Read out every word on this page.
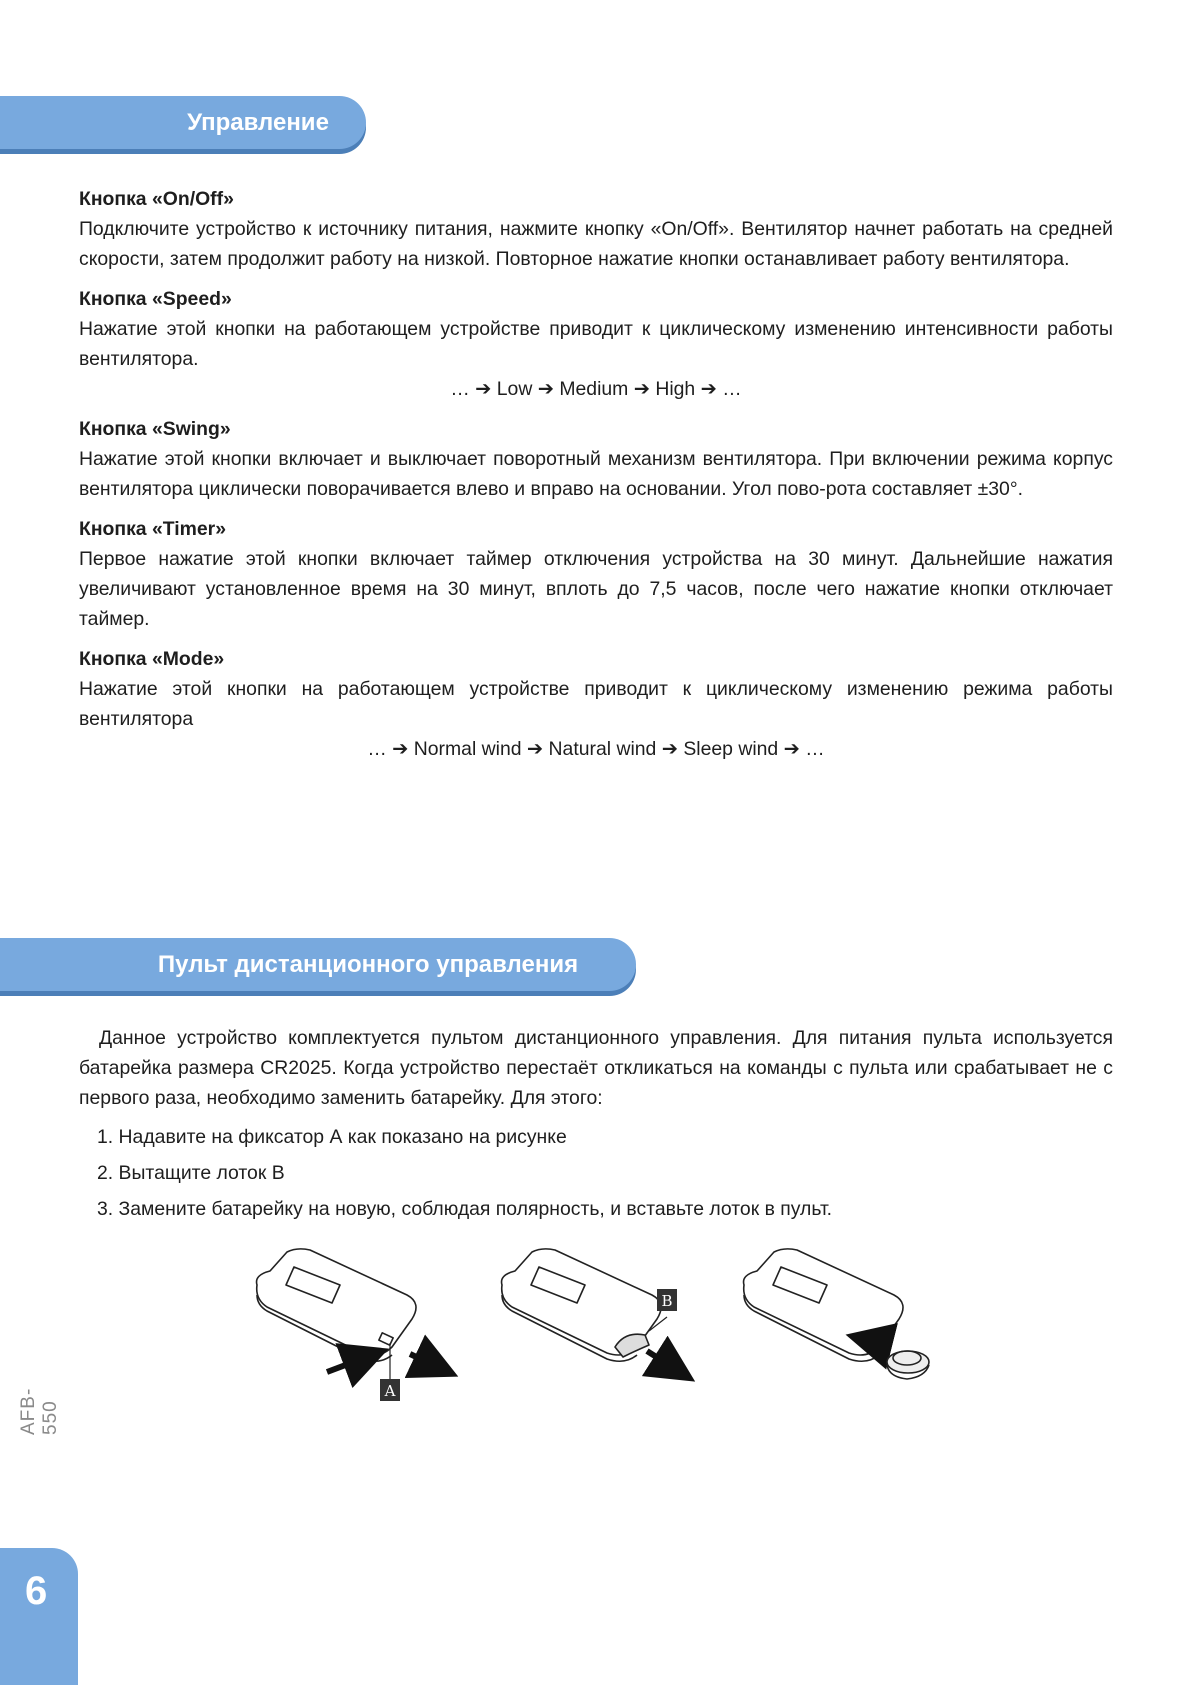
Управление
Кнопка «On/Off»

Подключите устройство к источнику питания, нажмите кнопку «On/Off». Вентилятор начнет работать на средней скорости, затем продолжит работу на низкой. Повторное нажатие кнопки останавливает работу вентилятора.

Кнопка «Speed»

Нажатие этой кнопки на работающем устройстве приводит к циклическому изменению интенсивности работы вентилятора.

… ➔ Low ➔ Medium ➔ High ➔ …
Кнопка «Swing»

Нажатие этой кнопки включает и выключает поворотный механизм вентилятора. При включении режима корпус вентилятора циклически поворачивается влево и вправо на основании. Угол пово-рота составляет ±30°.

Кнопка «Timer»

Первое нажатие этой кнопки включает таймер отключения устройства на 30 минут. Дальнейшие нажатия увеличивают установленное время на 30 минут, вплоть до 7,5 часов, после чего нажатие кнопки отключает таймер.

Кнопка «Mode»

Нажатие этой кнопки на работающем устройстве приводит к циклическому изменению режима работы вентилятора

… ➔ Normal wind ➔ Natural wind ➔ Sleep wind ➔ …
Пульт дистанционного управления

Данное устройство комплектуется пультом дистанционного управления. Для питания пульта используется батарейка размера CR2025. Когда устройство перестаёт откликаться на команды с пульта или срабатывает не с первого раза, необходимо заменить батарейку. Для этого:

1. Надавите на фиксатор А как показано на рисунке
2. Вытащите лоток В
3. Замените батарейку на новую, соблюдая полярность, и вставьте лоток в пульт.
A
B
AFB-550
6
